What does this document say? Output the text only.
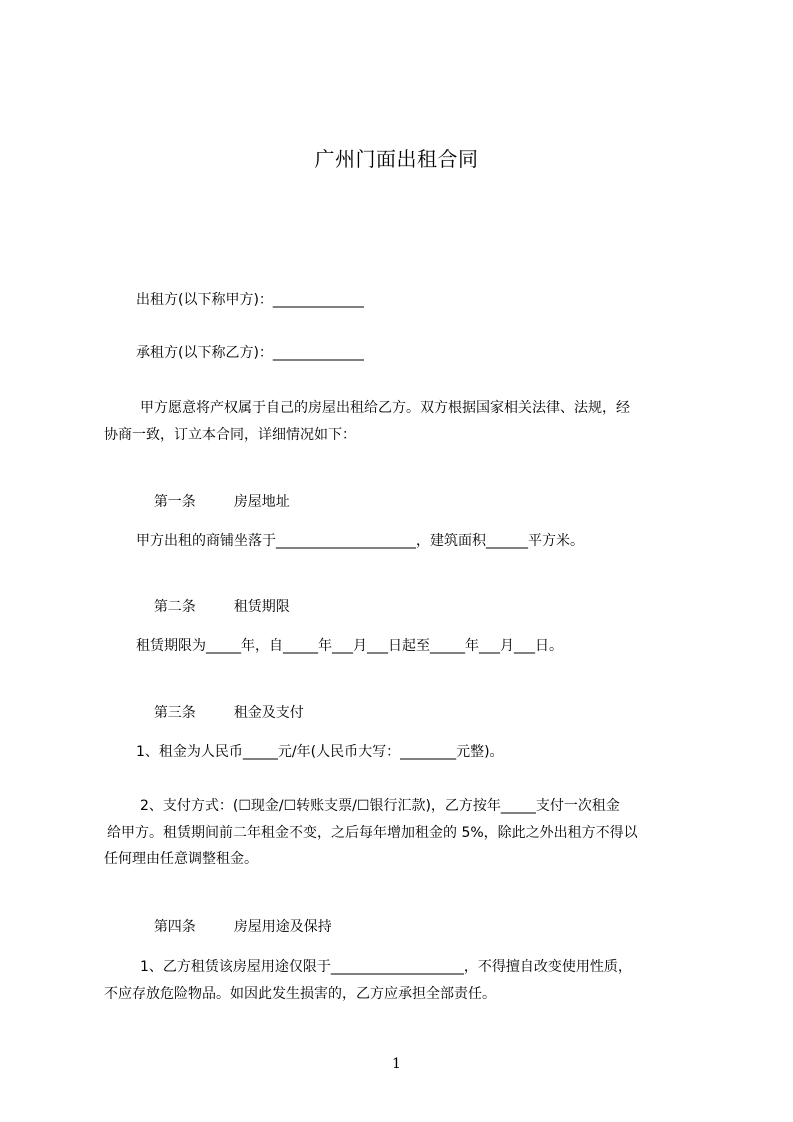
广州门面出租合同
出租方(以下称甲方)：_____________
承租方(以下称乙方)：_____________
甲方愿意将产权属于自己的房屋出租给乙方。双方根据国家相关法律、法规，经
协商一致，订立本合同，详细情况如下：

第一条	房屋地址

甲方出租的商铺坐落于____________________，建筑面积______平方米。

第二条	租赁期限

租赁期限为_____年，自_____年___月___日起至_____年___月___日。

第三条	租金及支付

1、租金为人民币_____元/年(人民币大写：________元整)。
2、支付方式：(☐现金/☐转账支票/☐银行汇款)，乙方按年_____支付一次租金
给甲方。租赁期间前二年租金不变，之后每年增加租金的 5%，除此之外出租方不得以
任何理由任意调整租金。

第四条	房屋用途及保持

1、乙方租赁该房屋用途仅限于___________________，不得擅自改变使用性质，
不应存放危险物品。如因此发生损害的，乙方应承担全部责任。
1
